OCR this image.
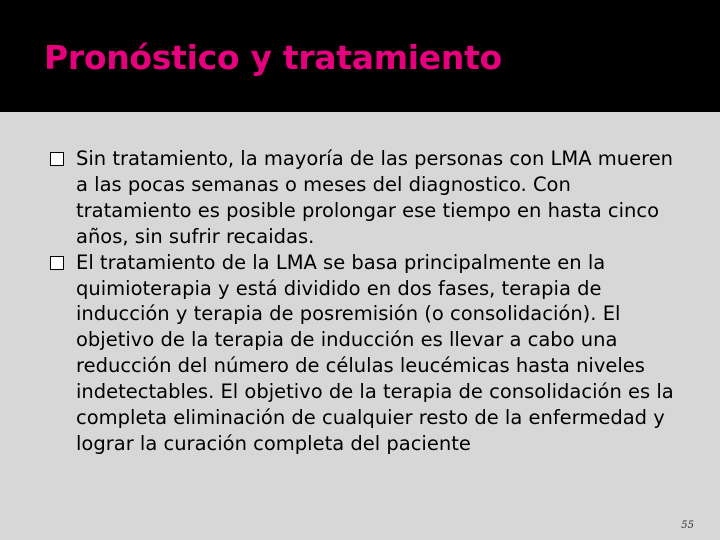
Pronóstico y tratamiento
Sin tratamiento, la mayoría de las personas con LMA mueren a las pocas semanas o meses del diagnostico. Con tratamiento es posible prolongar ese tiempo en hasta cinco años, sin sufrir recaidas.
El tratamiento de la LMA se basa principalmente en la quimioterapia y está dividido en dos fases, terapia de inducción y terapia de posremisión (o consolidación). El objetivo de la terapia de inducción es llevar a cabo una reducción del número de células leucémicas hasta niveles indetectables. El objetivo de la terapia de consolidación es la completa eliminación de cualquier resto de la enfermedad y lograr la curación completa del paciente
55
